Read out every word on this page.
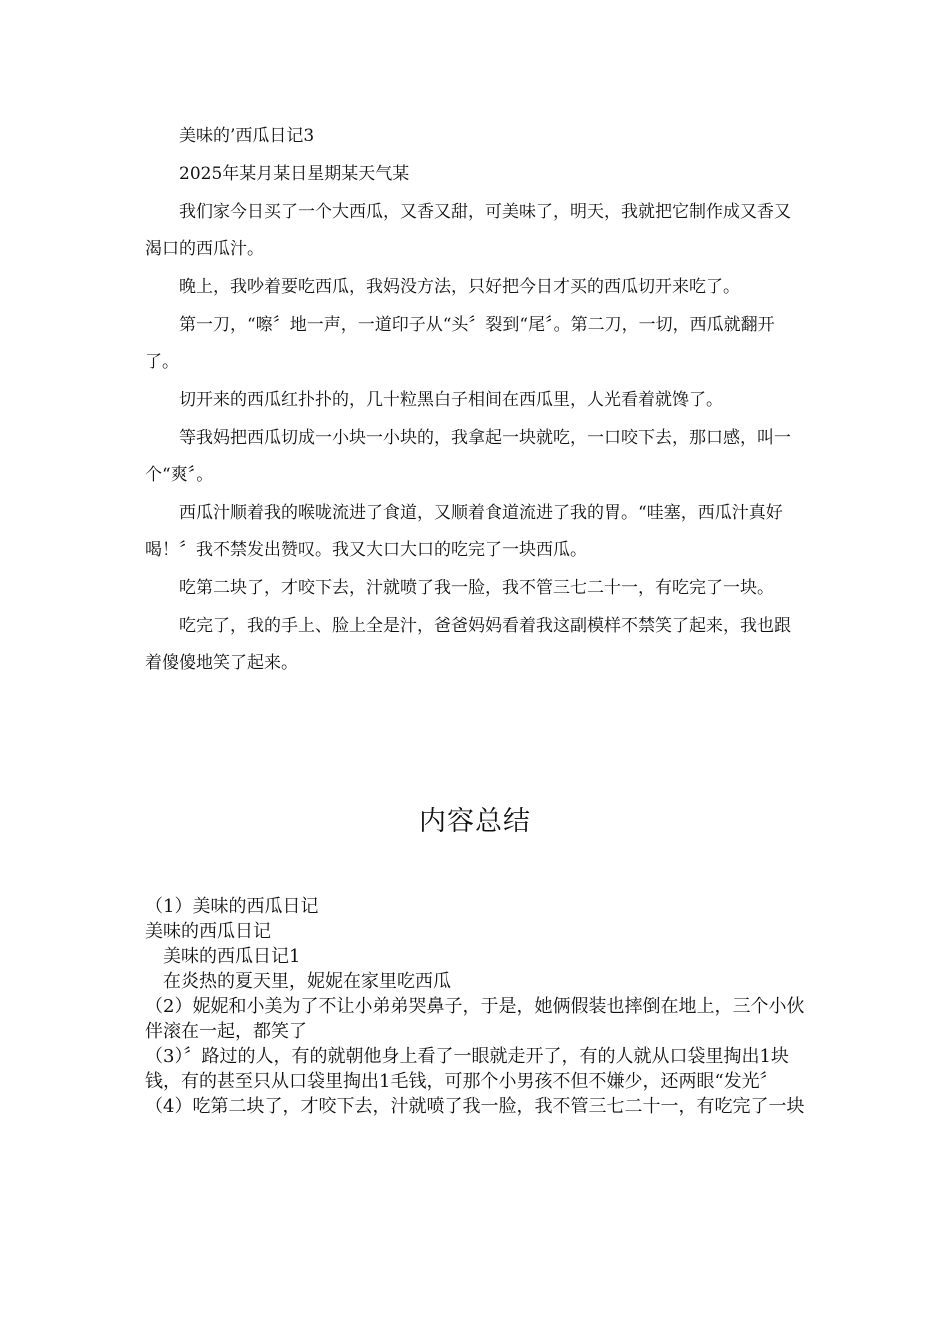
美味的’西瓜日记3

2025年某月某日星期某天气某

我们家今日买了一个大西瓜，又香又甜，可美味了，明天，我就把它制作成又香又渴口的西瓜汁。

晚上，我吵着要吃西瓜，我妈没方法，只好把今日才买的西瓜切开来吃了。

第一刀，“嚓〞地一声，一道印子从“头〞裂到“尾〞。第二刀，一切，西瓜就翻开了。

切开来的西瓜红扑扑的，几十粒黑白子相间在西瓜里，人光看着就馋了。

等我妈把西瓜切成一小块一小块的，我拿起一块就吃，一口咬下去，那口感，叫一个“爽〞。

西瓜汁顺着我的喉咙流进了食道，又顺着食道流进了我的胃。“哇塞，西瓜汁真好喝！〞我不禁发出赞叹。我又大口大口的吃完了一块西瓜。

吃第二块了，才咬下去，汁就喷了我一脸，我不管三七二十一，有吃完了一块。

吃完了，我的手上、脸上全是汁，爸爸妈妈看着我这副模样不禁笑了起来，我也跟着傻傻地笑了起来。

内容总结
（1）美味的西瓜日记
美味的西瓜日记
美味的西瓜日记1
在炎热的夏天里，妮妮在家里吃西瓜
（2）妮妮和小美为了不让小弟弟哭鼻子，于是，她俩假装也摔倒在地上，三个小伙伴滚在一起，都笑了
（3）〞路过的人，有的就朝他身上看了一眼就走开了，有的人就从口袋里掏出1块钱，有的甚至只从口袋里掏出1毛钱，可那个小男孩不但不嫌少，还两眼“发光〞
（4）吃第二块了，才咬下去，汁就喷了我一脸，我不管三七二十一，有吃完了一块
